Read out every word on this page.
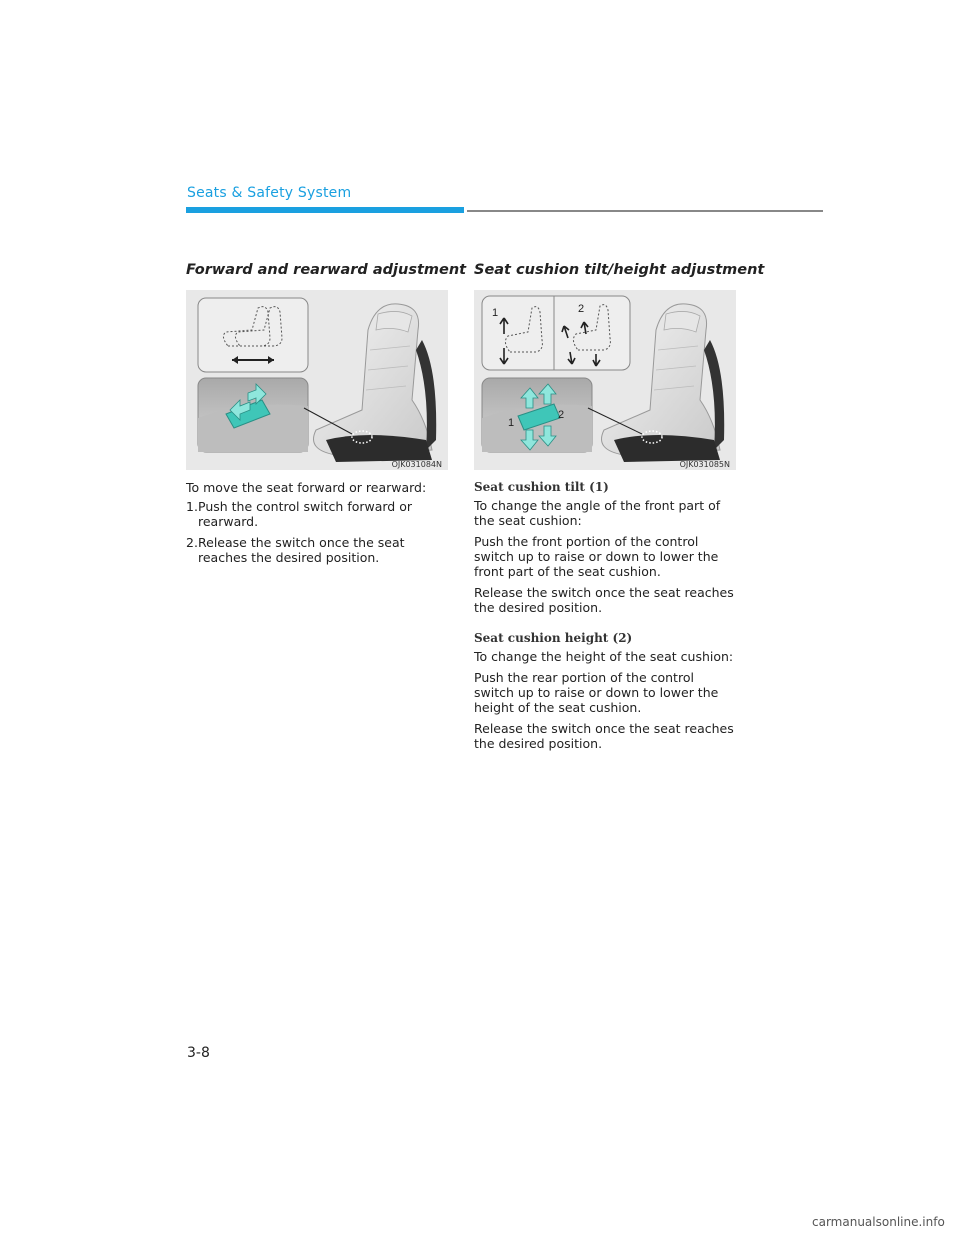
Seats & Safety System
Forward and rearward adjustment
OJK031084N

To move the seat forward or rearward:

1. Push the control switch forward or rearward.
2. Release the switch once the seat reaches the desired position.
Seat cushion tilt/height adjustment
1	2
1
2
OJK031085N
Seat cushion tilt (1)

To change the angle of the front part of the seat cushion:

Push the front portion of the control switch up to raise or down to lower the front part of the seat cushion.

Release the switch once the seat reaches the desired position.

Seat cushion height (2)

To change the height of the seat cushion:

Push the rear portion of the control switch up to raise or down to lower the height of the seat cushion.

Release the switch once the seat reaches the desired position.

3-8
carmanualsonline.info
